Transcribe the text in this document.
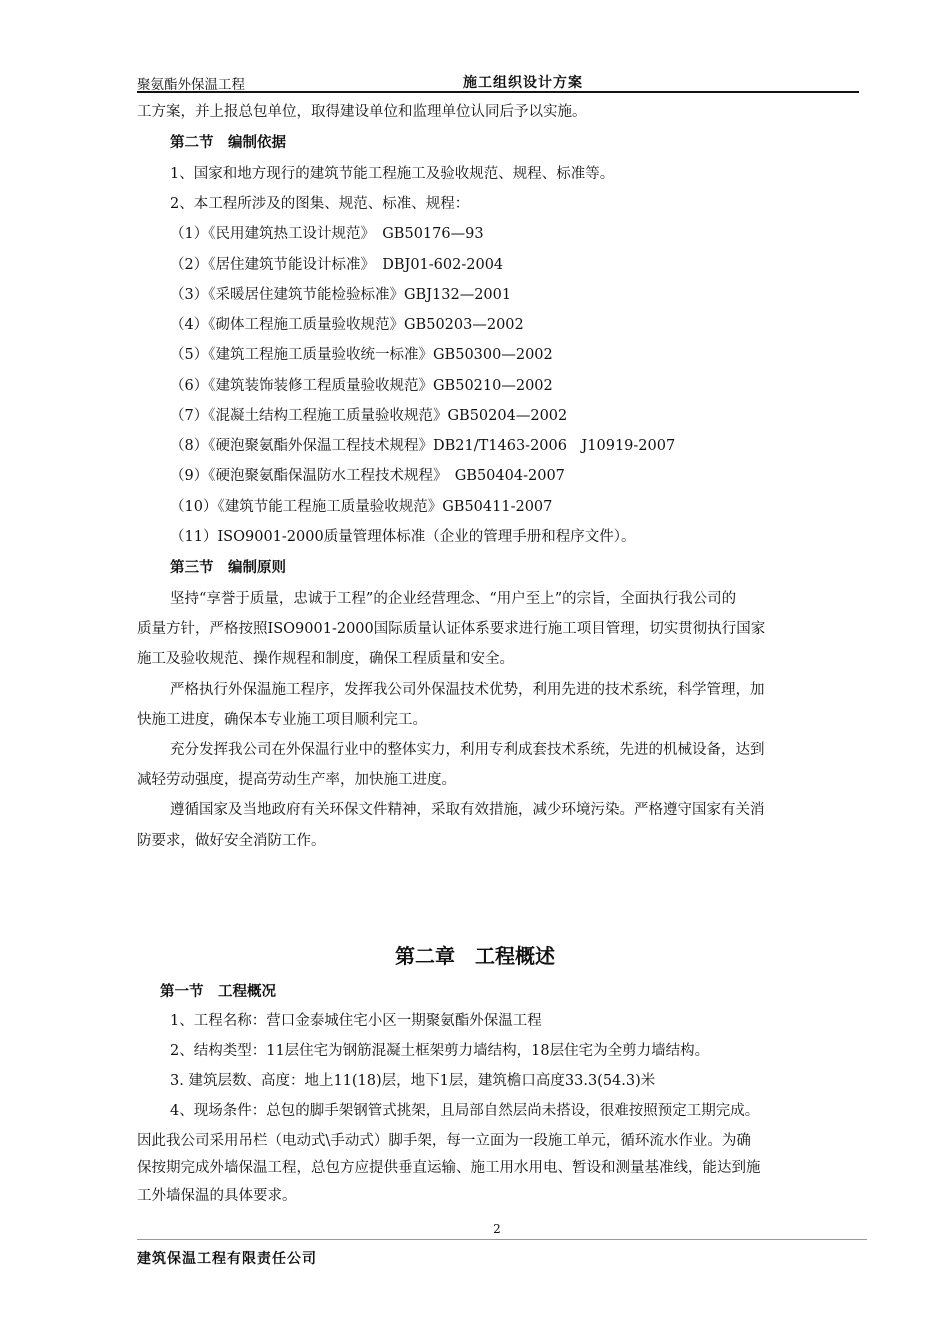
聚氨酯外保温工程	施工组织设计方案
工方案，并上报总包单位，取得建设单位和监理单位认同后予以实施。
第二节　编制依据
1、国家和地方现行的建筑节能工程施工及验收规范、规程、标准等。
2、本工程所涉及的图集、规范、标准、规程：
（1）《民用建筑热工设计规范》　GB50176—93
（2）《居住建筑节能设计标准》　DBJ01-602-2004
（3）《采暖居住建筑节能检验标准》GBJ132—2001
（4）《砌体工程施工质量验收规范》GB50203—2002
（5）《建筑工程施工质量验收统一标准》GB50300—2002
（6）《建筑装饰装修工程质量验收规范》GB50210—2002
（7）《混凝土结构工程施工质量验收规范》GB50204—2002
（8）《硬泡聚氨酯外保温工程技术规程》DB21/T1463-2006　J10919-2007
（9）《硬泡聚氨酯保温防水工程技术规程》　GB50404-2007
（10）《建筑节能工程施工质量验收规范》GB50411-2007
（11）ISO9001-2000质量管理体标准（企业的管理手册和程序文件）。
第三节　编制原则
坚持“享誉于质量，忠诚于工程”的企业经营理念、“用户至上”的宗旨，全面执行我公司的
质量方针，严格按照ISO9001-2000国际质量认证体系要求进行施工项目管理，切实贯彻执行国家
施工及验收规范、操作规程和制度，确保工程质量和安全。
严格执行外保温施工程序，发挥我公司外保温技术优势，利用先进的技术系统，科学管理，加
快施工进度，确保本专业施工项目顺利完工。
充分发挥我公司在外保温行业中的整体实力，利用专利成套技术系统，先进的机械设备，达到
减轻劳动强度，提高劳动生产率，加快施工进度。
遵循国家及当地政府有关环保文件精神，采取有效措施，减少环境污染。严格遵守国家有关消
防要求，做好安全消防工作。
第二章　工程概述
第一节　工程概况
1、工程名称：营口金泰城住宅小区一期聚氨酯外保温工程
2、结构类型：11层住宅为钢筋混凝土框架剪力墙结构，18层住宅为全剪力墙结构。
3. 建筑层数、高度：地上11(18)层，地下1层，建筑檐口高度33.3(54.3)米
4、现场条件：总包的脚手架钢管式挑架，且局部自然层尚未搭设，很难按照预定工期完成。
因此我公司采用吊栏（电动式\手动式）脚手架，每一立面为一段施工单元，循环流水作业。为确
保按期完成外墙保温工程，总包方应提供垂直运输、施工用水用电、暂设和测量基准线，能达到施
工外墙保温的具体要求。
2
建筑保温工程有限责任公司
